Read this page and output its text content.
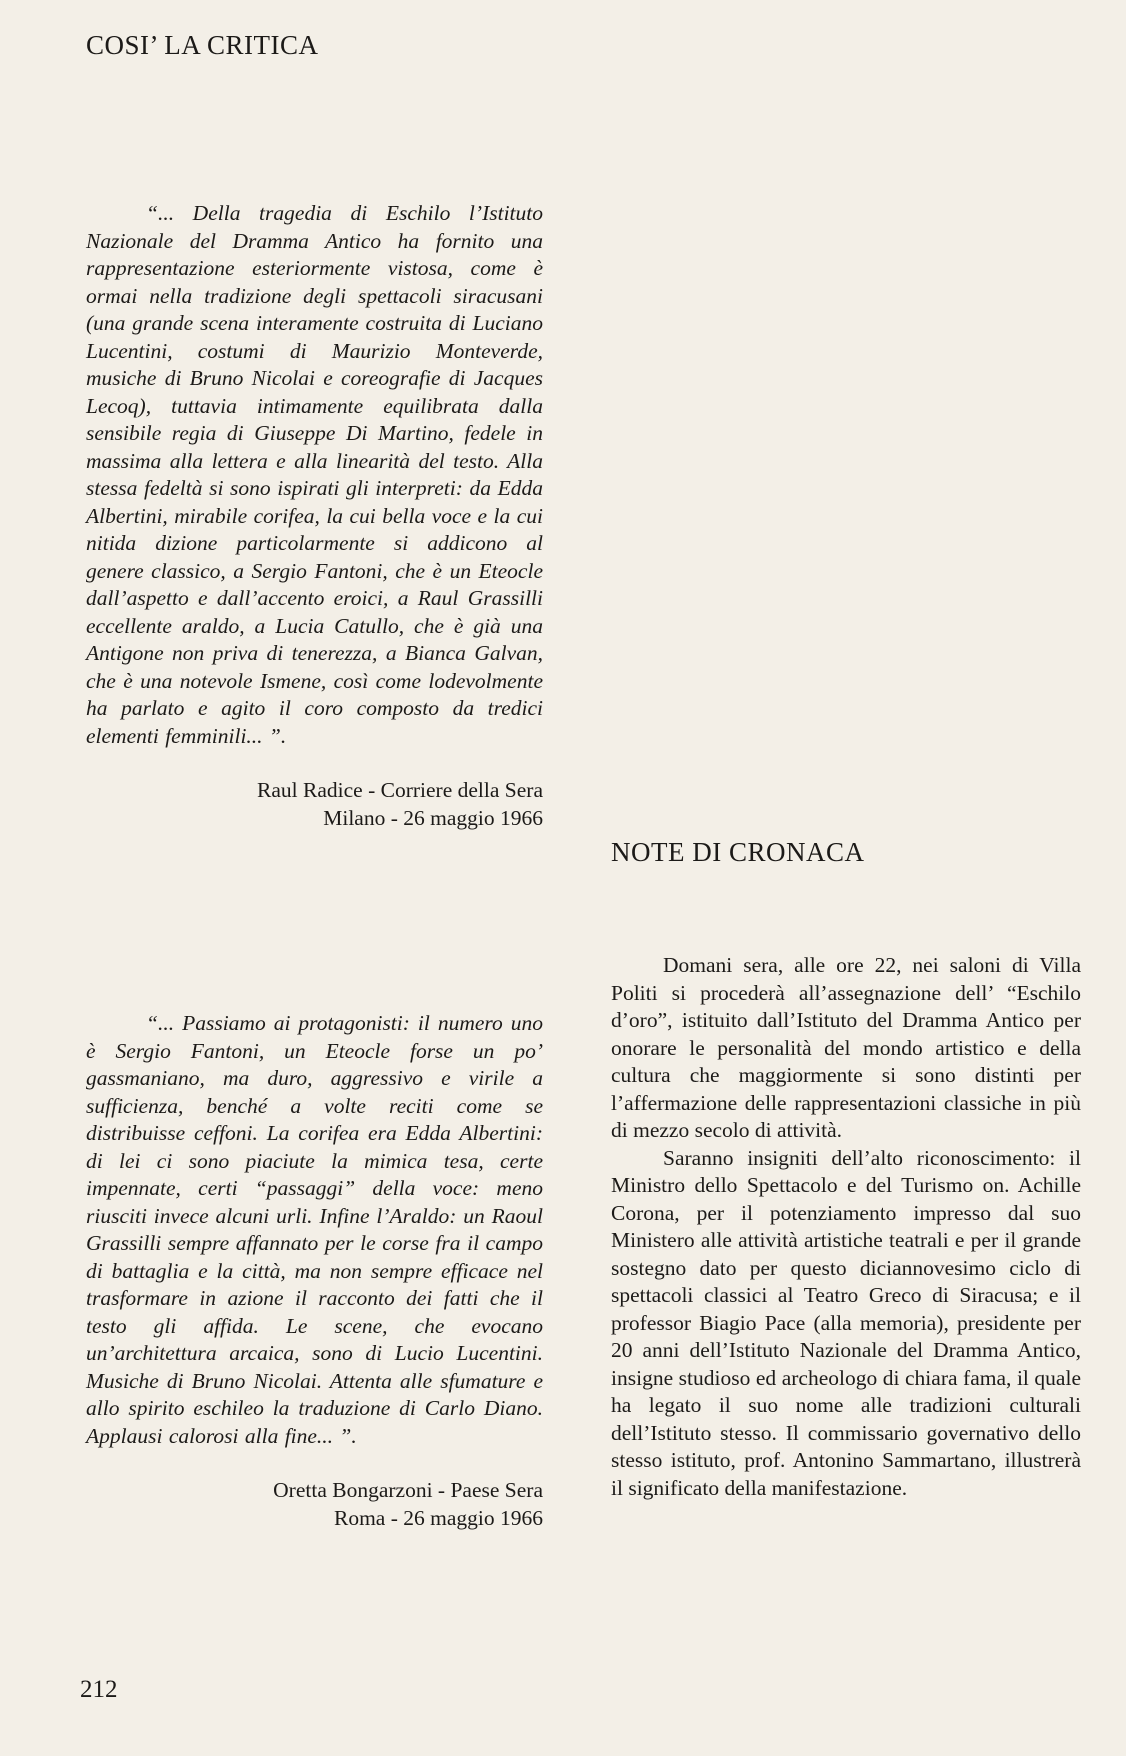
COSI’ LA CRITICA

“... Della tragedia di Eschilo l’Istituto Nazionale del Dramma Antico ha fornito una rappresentazione esteriormente vistosa, come è ormai nella tradizione degli spettacoli siracusani (una grande scena interamente costruita di Luciano Lucentini, costumi di Maurizio Monteverde, musiche di Bruno Nicolai e coreografie di Jacques Lecoq), tuttavia intimamente equilibrata dalla sensibile regia di Giuseppe Di Martino, fedele in massima alla lettera e alla linearità del testo. Alla stessa fedeltà si sono ispirati gli interpreti: da Edda Albertini, mirabile corifea, la cui bella voce e la cui nitida dizione particolarmente si addicono al genere classico, a Sergio Fantoni, che è un Eteocle dall’aspetto e dall’accento eroici, a Raul Grassilli eccellente araldo, a Lucia Catullo, che è già una Antigone non priva di tenerezza, a Bianca Galvan, che è una notevole Ismene, così come lodevolmente ha parlato e agito il coro composto da tredici elementi femminili... ”.

Raul Radice - Corriere della Sera
Milano - 26 maggio 1966

“... Passiamo ai protagonisti: il numero uno è Sergio Fantoni, un Eteocle forse un po’ gassmaniano, ma duro, aggressivo e virile a sufficienza, benché a volte reciti come se distribuisse ceffoni. La corifea era Edda Albertini: di lei ci sono piaciute la mimica tesa, certe impennate, certi “passaggi” della voce: meno riusciti invece alcuni urli. Infine l’Araldo: un Raoul Grassilli sempre affannato per le corse fra il campo di battaglia e la città, ma non sempre efficace nel trasformare in azione il racconto dei fatti che il testo gli affida. Le scene, che evocano un’architettura arcaica, sono di Lucio Lucentini. Musiche di Bruno Nicolai. Attenta alle sfumature e allo spirito eschileo la traduzione di Carlo Diano. Applausi calorosi alla fine... ”.

Oretta Bongarzoni - Paese Sera
Roma - 26 maggio 1966
NOTE DI CRONACA

Domani sera, alle ore 22, nei saloni di Villa Politi si procederà all’assegnazione dell’ “Eschilo d’oro”, istituito dall’Istituto del Dramma Antico per onorare le personalità del mondo artistico e della cultura che maggiormente si sono distinti per l’affermazione delle rappresentazioni classiche in più di mezzo secolo di attività.

Saranno insigniti dell’alto riconoscimento: il Ministro dello Spettacolo e del Turismo on. Achille Corona, per il potenziamento impresso dal suo Ministero alle attività artistiche teatrali e per il grande sostegno dato per questo diciannovesimo ciclo di spettacoli classici al Teatro Greco di Siracusa; e il professor Biagio Pace (alla memoria), presidente per 20 anni dell’Istituto Nazionale del Dramma Antico, insigne studioso ed archeologo di chiara fama, il quale ha legato il suo nome alle tradizioni culturali dell’Istituto stesso. Il commissario governativo dello stesso istituto, prof. Antonino Sammartano, illustrerà il significato della manifestazione.

212
